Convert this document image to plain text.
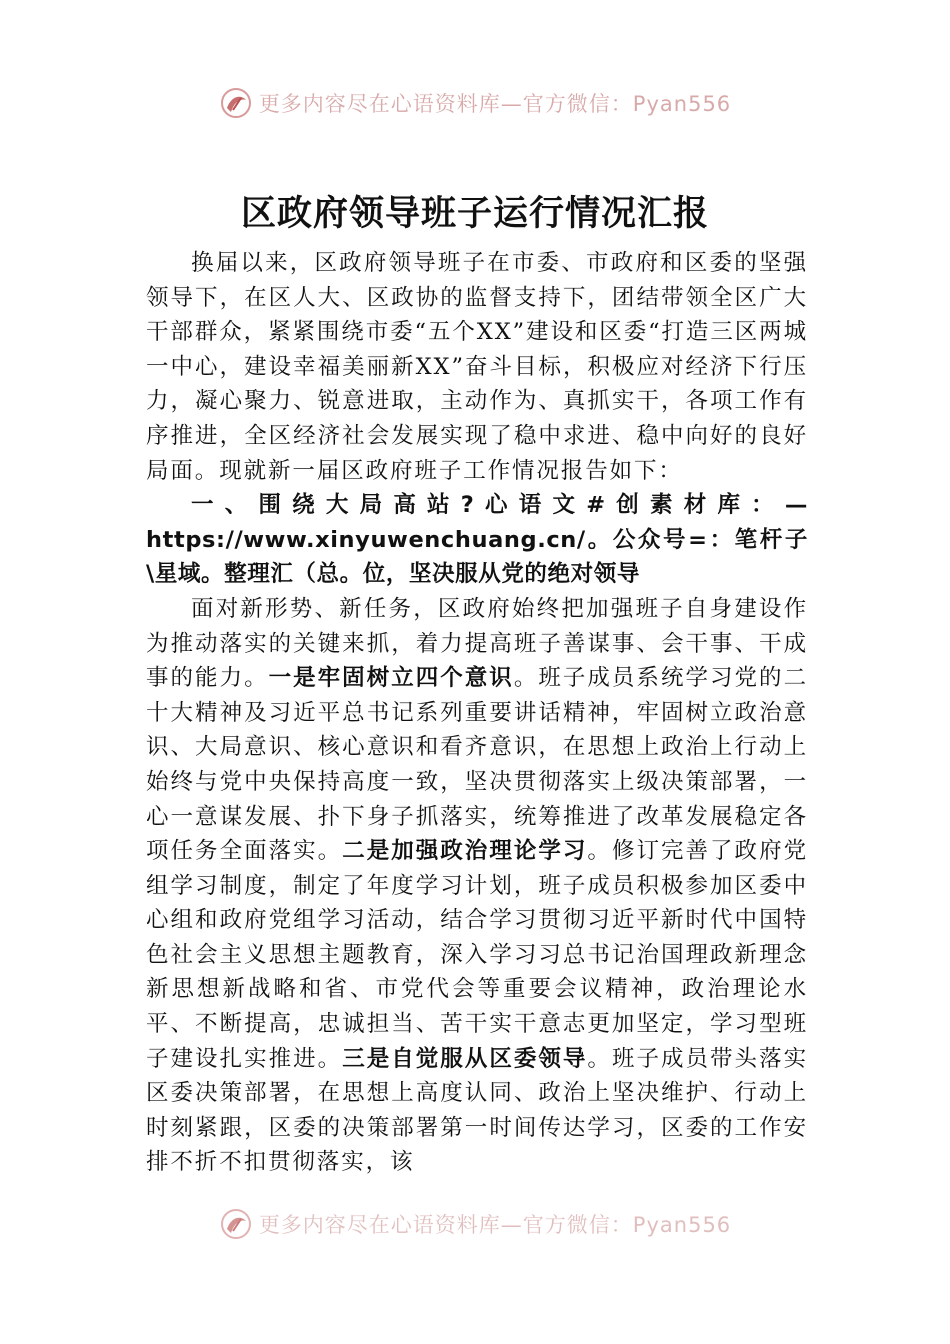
更多内容尽在心语资料库—官方微信：Pyan556
区政府领导班子运行情况汇报

换届以来，区政府领导班子在市委、市政府和区委的坚强领导下，在区人大、区政协的监督支持下，团结带领全区广大干部群众，紧紧围绕市委“五个XX”建设和区委“打造三区两城一中心，建设幸福美丽新XX”奋斗目标，积极应对经济下行压力，凝心聚力、锐意进取，主动作为、真抓实干，各项工作有序推进，全区经济社会发展实现了稳中求进、稳中向好的良好局面。现就新一届区政府班子工作情况报告如下：

一、围绕大局高站?心语文#创素材库：—https://www.xinyuwenchuang.cn/。公众号=：笔杆子\星域。整理汇（总。位，坚决服从党的绝对领导

面对新形势、新任务，区政府始终把加强班子自身建设作为推动落实的关键来抓，着力提高班子善谋事、会干事、干成事的能力。一是牢固树立四个意识。班子成员系统学习党的二十大精神及习近平总书记系列重要讲话精神，牢固树立政治意识、大局意识、核心意识和看齐意识，在思想上政治上行动上始终与党中央保持高度一致，坚决贯彻落实上级决策部署，一心一意谋发展、扑下身子抓落实，统筹推进了改革发展稳定各项任务全面落实。二是加强政治理论学习。修订完善了政府党组学习制度，制定了年度学习计划，班子成员积极参加区委中心组和政府党组学习活动，结合学习贯彻习近平新时代中国特色社会主义思想主题教育，深入学习习总书记治国理政新理念新思想新战略和省、市党代会等重要会议精神，政治理论水平、不断提高，忠诚担当、苦干实干意志更加坚定，学习型班子建设扎实推进。三是自觉服从区委领导。班子成员带头落实区委决策部署，在思想上高度认同、政治上坚决维护、行动上时刻紧跟，区委的决策部署第一时间传达学习，区委的工作安排不折不扣贯彻落实，该

更多内容尽在心语资料库—官方微信：Pyan556
